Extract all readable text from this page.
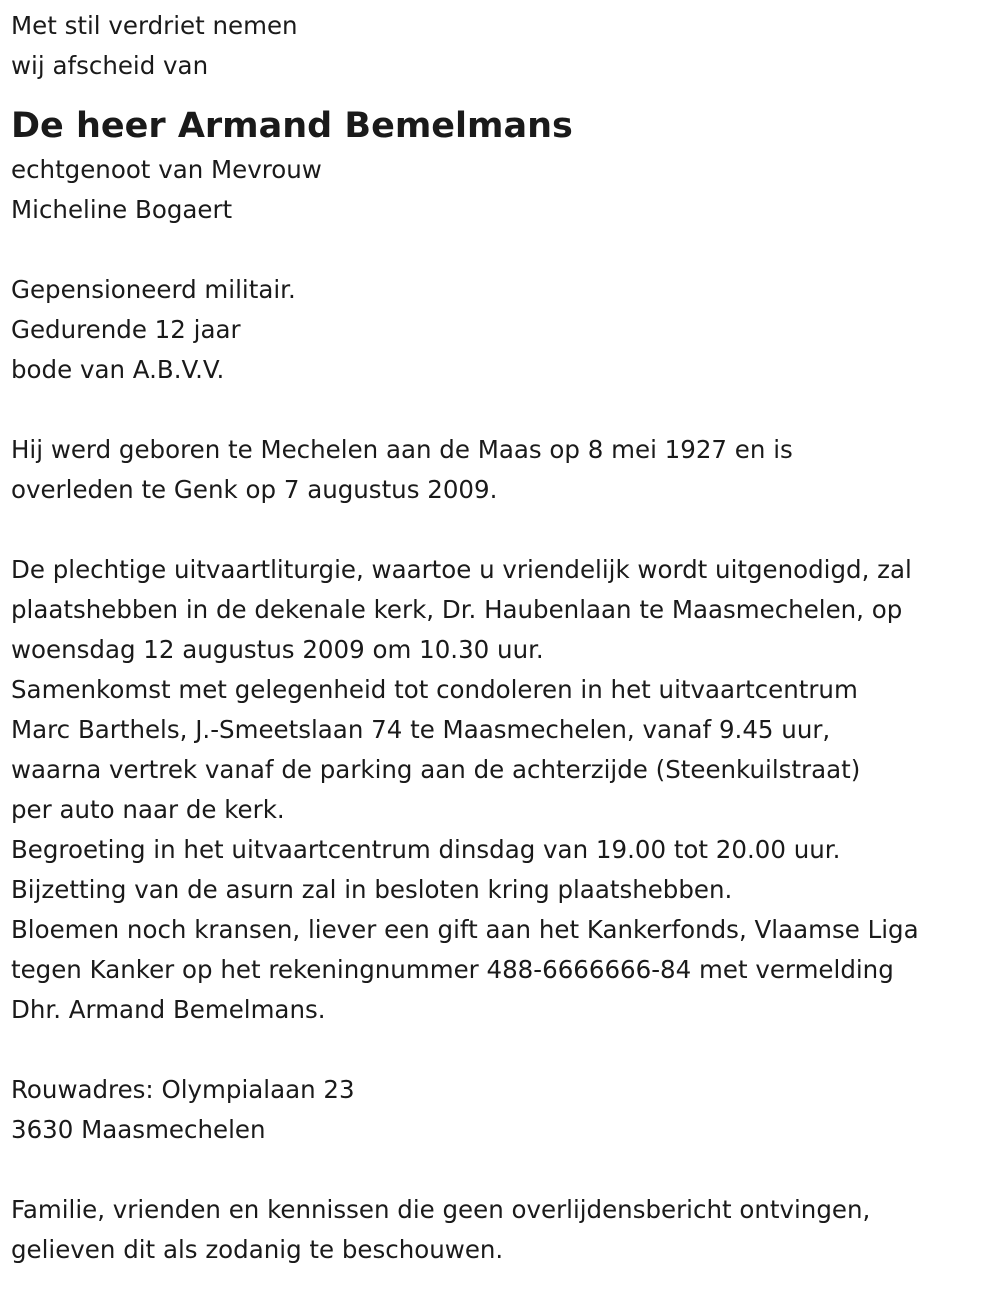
Met stil verdriet nemen
wij afscheid van
De heer Armand Bemelmans
echtgenoot van Mevrouw
Micheline Bogaert
Gepensioneerd militair.
Gedurende 12 jaar
bode van A.B.V.V.
Hij werd geboren te Mechelen aan de Maas op 8 mei 1927 en is
overleden te Genk op 7 augustus 2009.
De plechtige uitvaartliturgie, waartoe u vriendelijk wordt uitgenodigd, zal
plaatshebben in de dekenale kerk, Dr. Haubenlaan te Maasmechelen, op
woensdag 12 augustus 2009 om 10.30 uur.
Samenkomst met gelegenheid tot condoleren in het uitvaartcentrum
Marc Barthels, J.-Smeetslaan 74 te Maasmechelen, vanaf 9.45 uur,
waarna vertrek vanaf de parking aan de achterzijde (Steenkuilstraat)
per auto naar de kerk.
Begroeting in het uitvaartcentrum dinsdag van 19.00 tot 20.00 uur.
Bijzetting van de asurn zal in besloten kring plaatshebben.
Bloemen noch kransen, liever een gift aan het Kankerfonds, Vlaamse Liga
tegen Kanker op het rekeningnummer 488-6666666-84 met vermelding
Dhr. Armand Bemelmans.
Rouwadres: Olympialaan 23
3630 Maasmechelen
Familie, vrienden en kennissen die geen overlijdensbericht ontvingen,
gelieven dit als zodanig te beschouwen.
